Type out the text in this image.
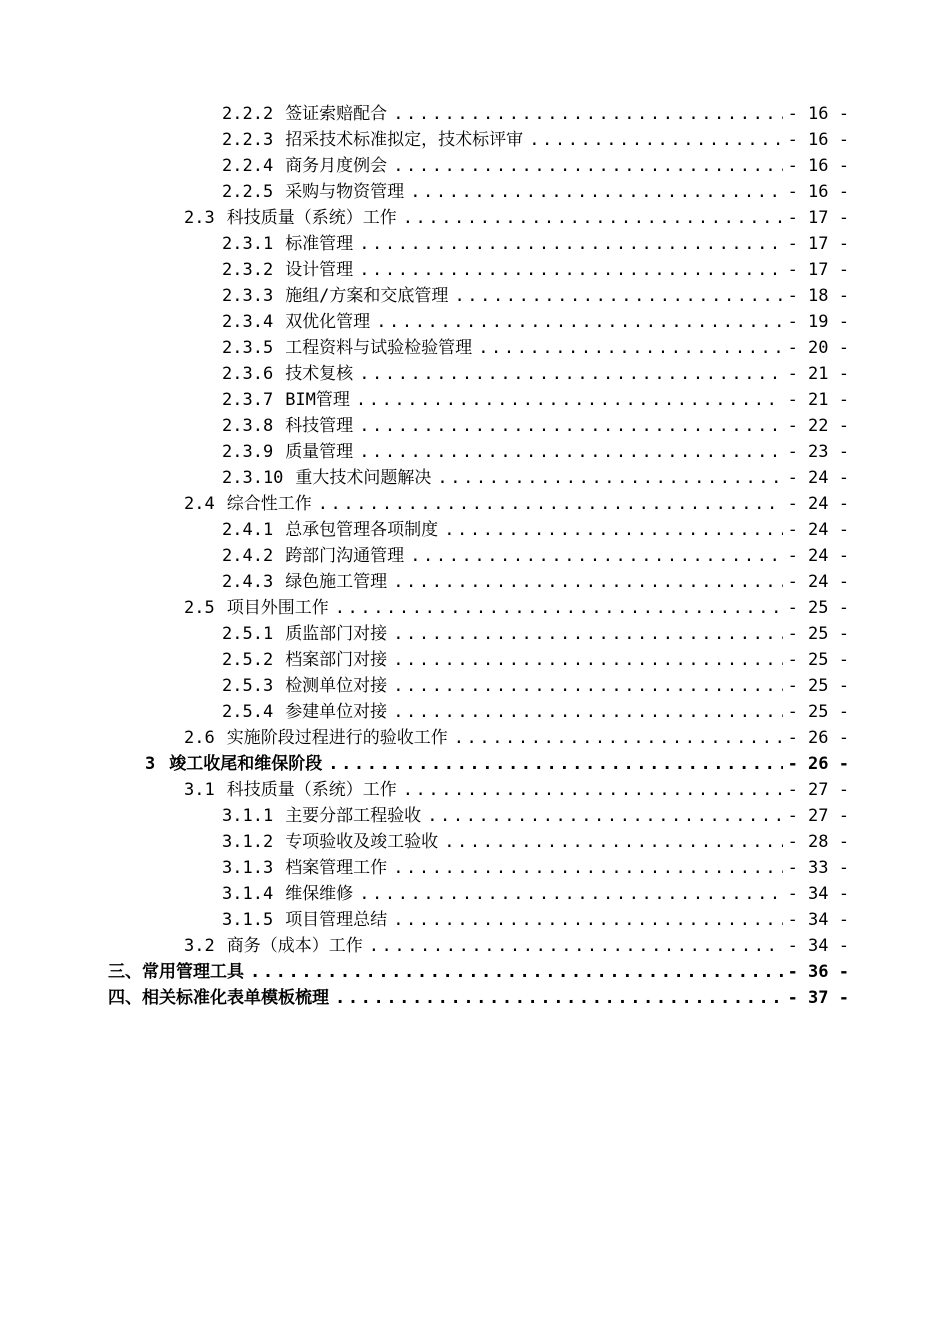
2.2.2 签证索赔配合 .....	- 16 -
2.2.3 招采技术标准拟定，技术标评审 .....	- 16 -
2.2.4 商务月度例会 .....	- 16 -
2.2.5 采购与物资管理 .....	- 16 -
2.3 科技质量（系统）工作 .....	- 17 -
2.3.1 标准管理 .....	- 17 -
2.3.2 设计管理 .....	- 17 -
2.3.3 施组/方案和交底管理 .....	- 18 -
2.3.4 双优化管理 .....	- 19 -
2.3.5 工程资料与试验检验管理 .....	- 20 -
2.3.6 技术复核 .....	- 21 -
2.3.7 BIM管理 .....	- 21 -
2.3.8 科技管理 .....	- 22 -
2.3.9 质量管理 .....	- 23 -
2.3.10 重大技术问题解决 .....	- 24 -
2.4 综合性工作 .....	- 24 -
2.4.1 总承包管理各项制度 .....	- 24 -
2.4.2 跨部门沟通管理 .....	- 24 -
2.4.3 绿色施工管理 .....	- 24 -
2.5 项目外围工作 .....	- 25 -
2.5.1 质监部门对接 .....	- 25 -
2.5.2 档案部门对接 .....	- 25 -
2.5.3 检测单位对接 .....	- 25 -
2.5.4 参建单位对接 .....	- 25 -
2.6 实施阶段过程进行的验收工作 .....	- 26 -
3 竣工收尾和维保阶段 .....	- 26 -
3.1 科技质量（系统）工作 .....	- 27 -
3.1.1 主要分部工程验收 .....	- 27 -
3.1.2 专项验收及竣工验收 .....	- 28 -
3.1.3 档案管理工作 .....	- 33 -
3.1.4 维保维修 .....	- 34 -
3.1.5 项目管理总结 .....	- 34 -
3.2 商务（成本）工作 .....	- 34 -
三、常用管理工具 .....	- 36 -
四、相关标准化表单模板梳理 .....	- 37 -
